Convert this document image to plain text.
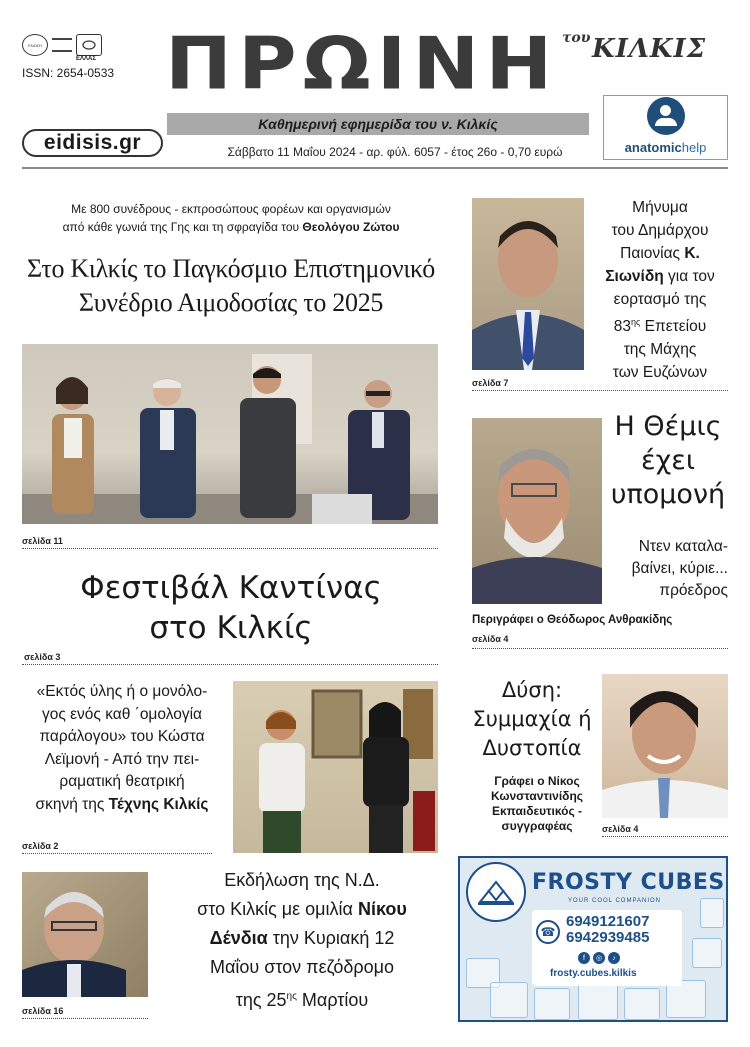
ΕΝΩΣΗ
ΕΛΛΑΣ
ISSN: 2654-0533 ΠΡΩΙΝΗ του ΚΙΛΚΙΣ
Καθημερινή εφημερίδα του ν. Κιλκίς
eidisis.gr	Σάββατο 11 Μαΐου 2024 - αρ. φύλ. 6057 - έτος 26ο - 0,70 ευρώ	anatomichelp
Με 800 συνέδρους - εκπροσώπους φορέων και οργανισμών
από κάθε γωνιά της Γης και τη σφραγίδα του Θεολόγου Ζώτου
Στο Κιλκίς το Παγκόσμιο Επιστημονικό
Συνέδριο Αιμοδοσίας το 2025
σελίδα 11
Φεστιβάλ Καντίνας
στο Κιλκίς
σελίδα 3
«Εκτός ύλης ή ο μονόλο-
γος ενός καθ ΄ομολογία
παράλογου» του Κώστα
Λεϊμονή - Από την πει-
ραματική θεατρική
σκηνή της Τέχνης Κιλκίς
σελίδα 2
σελίδα 16
Εκδήλωση της Ν.Δ.
στο Κιλκίς με ομιλία Νίκου
Δένδια την Κυριακή 12
Μαΐου στον πεζόδρομο
της $25^{\eta\varsigma}$ Μαρτίου
Μήνυμα
του Δημάρχου
Παιονίας Κ.
Σιωνίδη για τον
εορτασμό της
$83^{\eta\varsigma}$ Επετείου
της Μάχης
των Ευζώνων
σελίδα 7
Η Θέμις
έχει
υπομονή
Ντεν καταλα-
βαίνει, κύριε...
πρόεδρος
Περιγράφει ο Θεόδωρος Ανθρακίδης
σελίδα 4
Δύση:
Συμμαχία ή
Δυστοπία
Γράφει ο Νίκος
Κωνσταντινίδης
Εκπαιδευτικός -
συγγραφέας	σελίδα 4
FROSTY CUBES
YOUR COOL COMPANION
☎
6949121607
6942939485
f	◎	♪
frosty.cubes.kilkis
